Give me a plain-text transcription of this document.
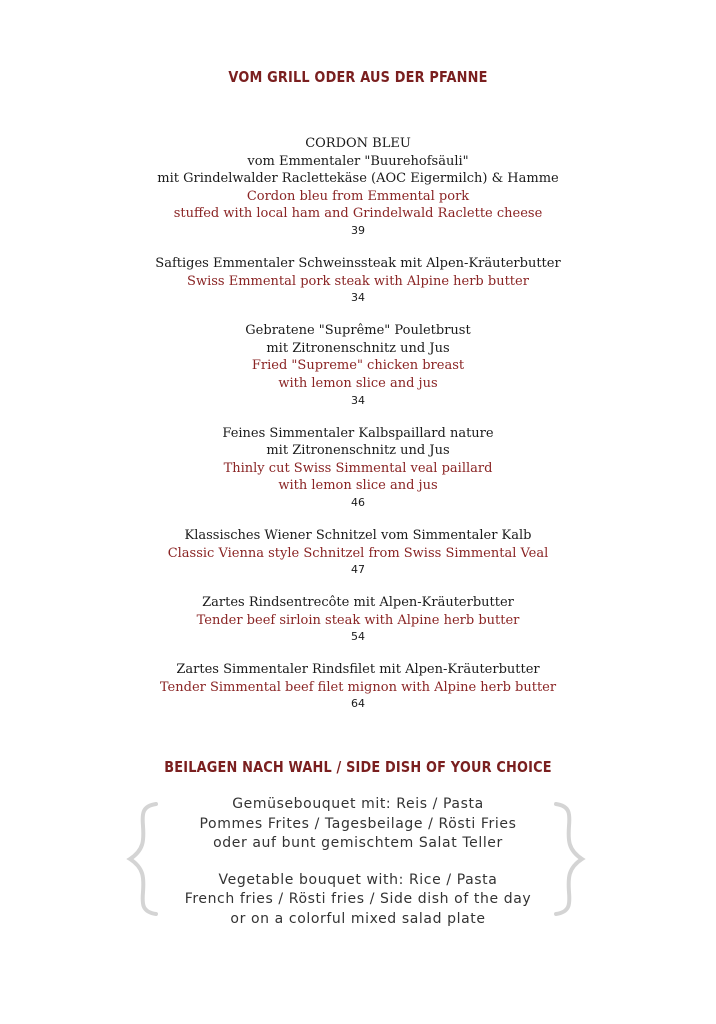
VOM GRILL ODER AUS DER PFANNE
CORDON BLEU
vom Emmentaler "Buurehofsäuli"
mit Grindelwalder Raclettekäse (AOC Eigermilch) & Hamme
Cordon bleu from Emmental pork
stuffed with local ham and Grindelwald Raclette cheese
39
Saftiges Emmentaler Schweinssteak mit Alpen-Kräuterbutter
Swiss Emmental pork steak with Alpine herb butter
34
Gebratene "Suprême" Pouletbrust
mit Zitronenschnitz und Jus
Fried "Supreme" chicken breast
with lemon slice and jus
34
Feines Simmentaler Kalbspaillard nature
mit Zitronenschnitz und Jus
Thinly cut Swiss Simmental veal paillard
with lemon slice and jus
46
Klassisches Wiener Schnitzel vom Simmentaler Kalb
Classic Vienna style Schnitzel from Swiss Simmental Veal
47
Zartes Rindsentrecôte mit Alpen-Kräuterbutter
Tender beef sirloin steak with Alpine herb butter
54
Zartes Simmentaler Rindsfilet mit Alpen-Kräuterbutter
Tender Simmental beef filet mignon with Alpine herb butter
64
BEILAGEN NACH WAHL / SIDE DISH OF YOUR CHOICE
Gemüsebouquet mit: Reis / Pasta
Pommes Frites / Tagesbeilage / Rösti Fries
oder auf bunt gemischtem Salat Teller
Vegetable bouquet with: Rice / Pasta
French fries / Rösti fries / Side dish of the day
or on a colorful mixed salad plate
